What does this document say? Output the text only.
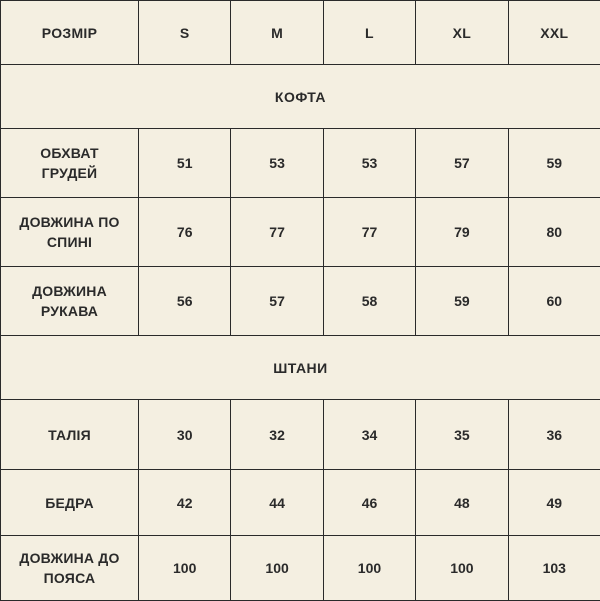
РОЗМІР	S	M	L	XL	XXL
КОФТА					

ОБХВАТ
ГРУДЕЙ	51	53	53	57	59

ДОВЖИНА ПО
СПИНІ	76	77	77	79	80

ДОВЖИНА
РУКАВА	56	57	58	59	60
ШТАНИ					

ТАЛІЯ	30	32	34	35	36

БЕДРА	42	44	46	48	49

ДОВЖИНА ДО
ПОЯСА	100	100	100	100	103
